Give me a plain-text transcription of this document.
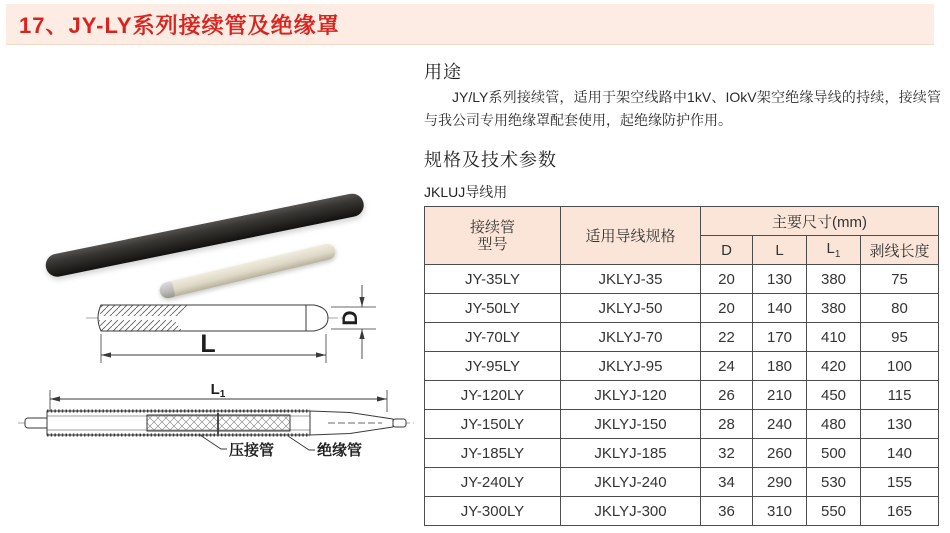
17、JY-LY系列接续管及绝缘罩
用途

JY/LY系列接续管，适用于架空线路中1kV、IOkV架空绝缘导线的持续，接续管与我公司专用绝缘罩配套使用，起绝缘防护作用。

规格及技术参数
JKLUJ导线用
接续管
型号	适用导线规格	主要尺寸(mm)			
		D	L	$L_1$	剥线长度
JY-35LY	JKLYJ-35	20	130	380	75
JY-50LY	JKLYJ-50	20	140	380	80
JY-70LY	JKLYJ-70	22	170	410	95
JY-95LY	JKLYJ-95	24	180	420	100
JY-120LY	JKLYJ-120	26	210	450	115
JY-150LY	JKLYJ-150	28	240	480	130
JY-185LY	JKLYJ-185	32	260	500	140
JY-240LY	JKLYJ-240	34	290	530	155
JY-300LY	JKLYJ-300	36	310	550	165
L
D
$L_1$
压接管	绝缘管
